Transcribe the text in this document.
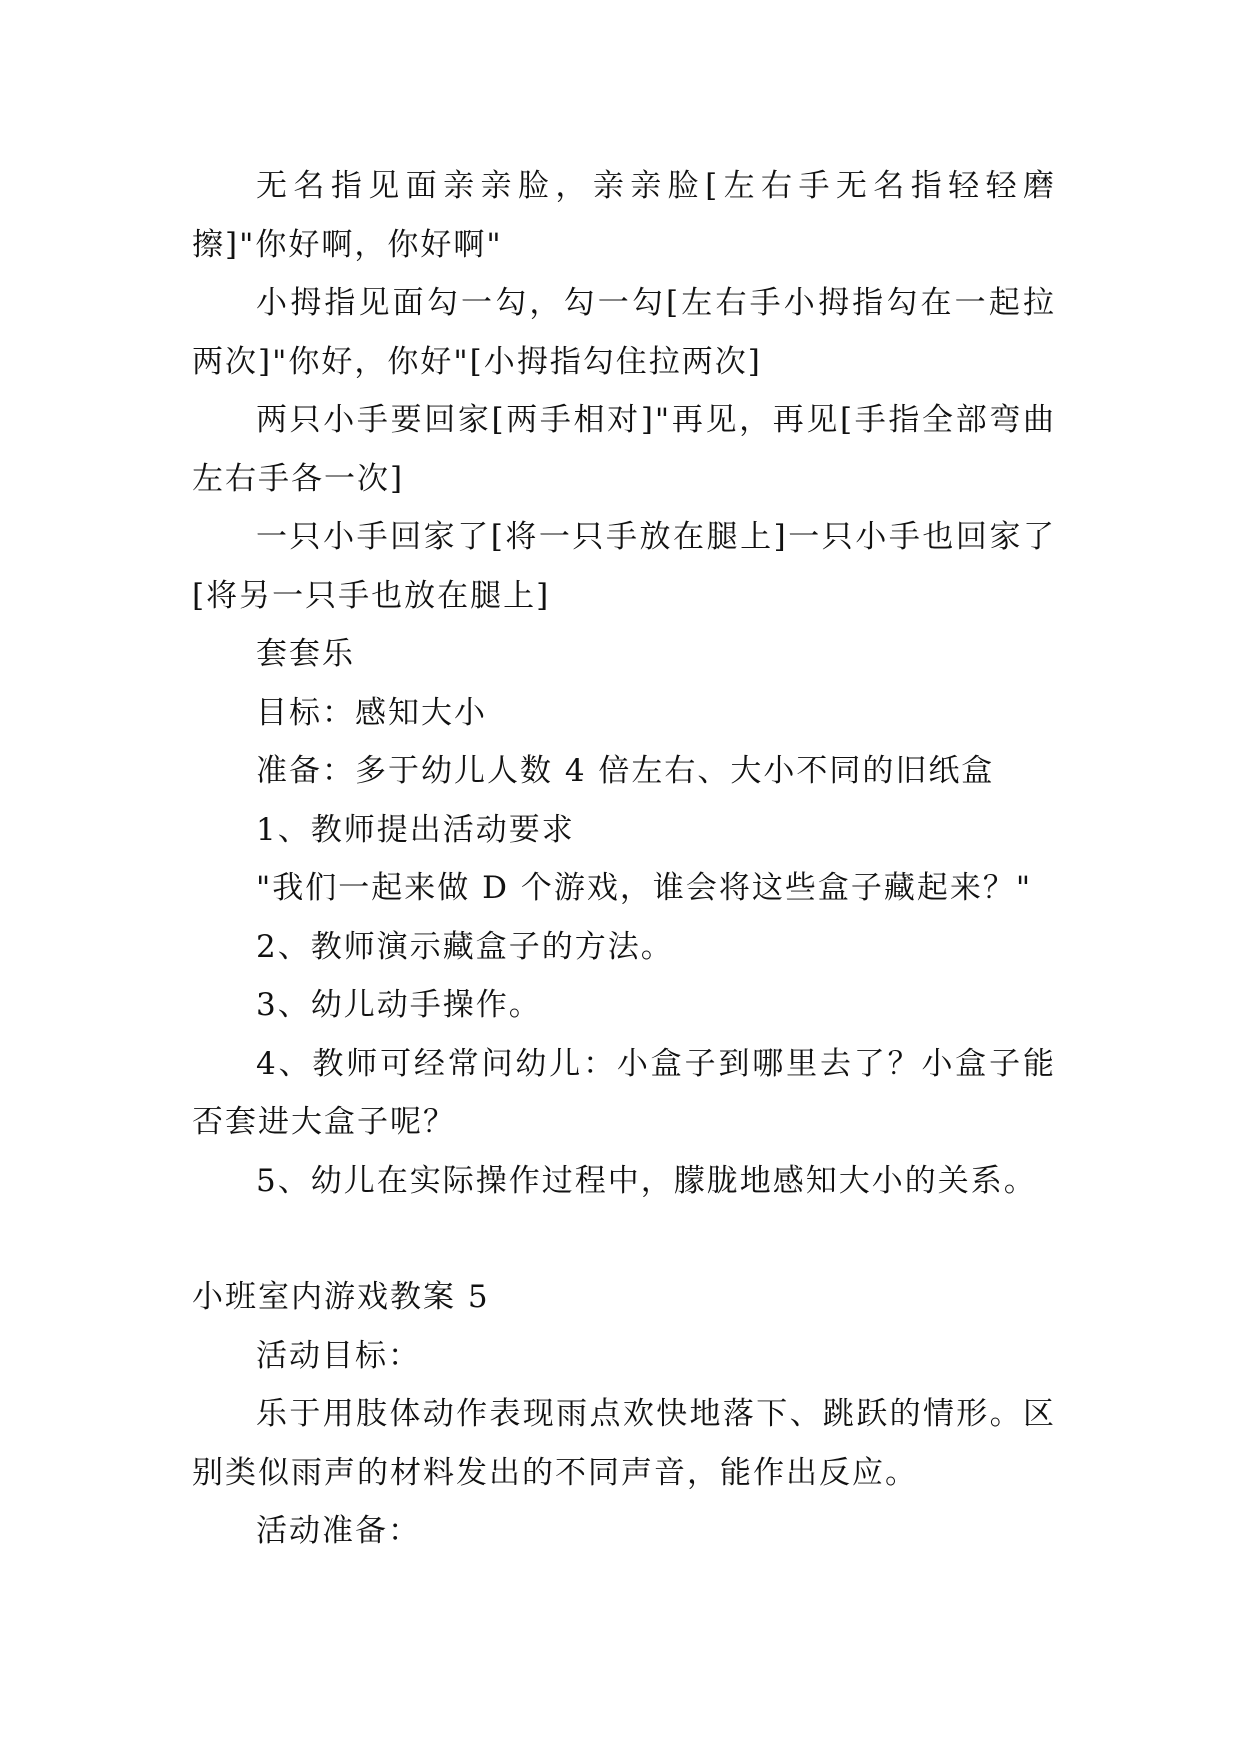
无名指见面亲亲脸，亲亲脸[左右手无名指轻轻磨擦]"你好啊，你好啊"

小拇指见面勾一勾，勾一勾[左右手小拇指勾在一起拉两次]"你好，你好"[小拇指勾住拉两次]

两只小手要回家[两手相对]"再见，再见[手指全部弯曲左右手各一次]

一只小手回家了[将一只手放在腿上]一只小手也回家了[将另一只手也放在腿上]

套套乐

目标：感知大小

准备：多于幼儿人数 4 倍左右、大小不同的旧纸盒

1、教师提出活动要求

"我们一起来做 D 个游戏，谁会将这些盒子藏起来？"

2、教师演示藏盒子的方法。

3、幼儿动手操作。

4、教师可经常问幼儿：小盒子到哪里去了？小盒子能否套进大盒子呢？

5、幼儿在实际操作过程中，朦胧地感知大小的关系。

小班室内游戏教案 5

活动目标：

乐于用肢体动作表现雨点欢快地落下、跳跃的情形。区别类似雨声的材料发出的不同声音，能作出反应。

活动准备：
